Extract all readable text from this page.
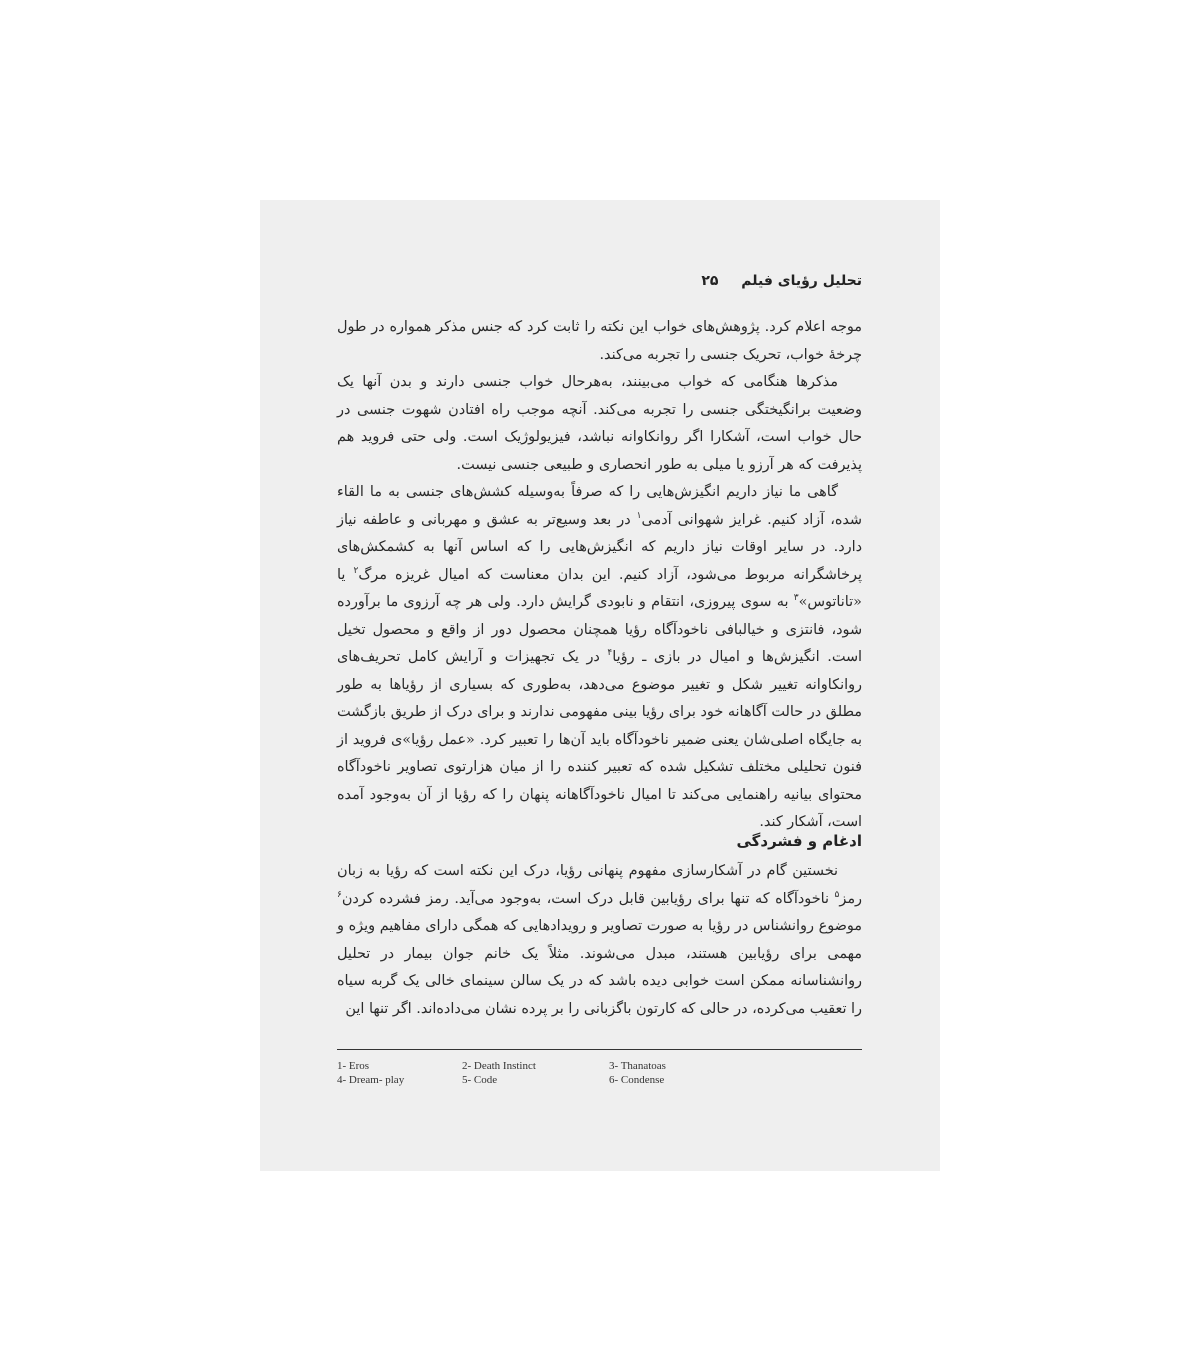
تحلیل رؤیای فیلم ۲۵

موجه اعلام کرد. پژوهش‌های خواب این نکته را ثابت کرد که جنس مذکر همواره در طول چرخهٔ خواب، تحریک جنسی را تجربه می‌کند.

مذکرها هنگامی که خواب می‌بینند، به‌هرحال خواب جنسی دارند و بدن آنها یک وضعیت برانگیختگی جنسی را تجربه می‌کند. آنچه موجب راه افتادن شهوت جنسی در حال خواب است، آشکارا اگر روانکاوانه نباشد، فیزیولوژیک است. ولی حتی فروید هم پذیرفت که هر آرزو یا میلی به طور انحصاری و طبیعی جنسی نیست.

گاهی ما نیاز داریم انگیزش‌هایی را که صرفاً به‌وسیله کشش‌های جنسی به ما القاء شده، آزاد کنیم. غرایز شهوانی آدمی$^۱$ در بعد وسیع‌تر به عشق و مهربانی و عاطفه نیاز دارد. در سایر اوقات نیاز داریم که انگیزش‌هایی را که اساس آنها به کشمکش‌های پرخاشگرانه مربوط می‌شود، آزاد کنیم. این بدان معناست که امیال غریزه مرگ$^۲$ یا «تاناتوس»$^۳$ به سوی پیروزی، انتقام و نابودی گرایش دارد. ولی هر چه آرزوی ما برآورده شود، فانتزی و خیالبافی ناخودآگاه رؤیا همچنان محصول دور از واقع و محصول تخیل است. انگیزش‌ها و امیال در بازی ـ رؤیا$^۴$ در یک تجهیزات و آرایش کامل تحریف‌های روانکاوانه تغییر شکل و تغییر موضوع می‌دهد، به‌طوری که بسیاری از رؤیاها به طور مطلق در حالت آگاهانه خود برای رؤیا بینی مفهومی ندارند و برای درک از طریق بازگشت به جایگاه اصلی‌شان یعنی ضمیر ناخودآگاه باید آن‌ها را تعبیر کرد. «عمل رؤیا»ی فروید از فنون تحلیلی مختلف تشکیل شده که تعبیر کننده را از میان هزارتوی تصاویر ناخودآگاه محتوای بیانیه راهنمایی می‌کند تا امیال ناخودآگاهانه پنهان را که رؤیا از آن به‌وجود آمده است، آشکار کند.

ادغام و فشردگی

نخستین گام در آشکارسازی مفهوم پنهانی رؤیا، درک این نکته است که رؤیا به زبان رمز$^۵$ ناخودآگاه که تنها برای رؤیابین قابل درک است، به‌وجود می‌آید. رمز فشرده کردن$^۶$ موضوع روانشناس در رؤیا به صورت تصاویر و رویدادهایی که همگی دارای مفاهیم ویژه و مهمی برای رؤیابین هستند، مبدل می‌شوند. مثلاً یک خانم جوان بیمار در تحلیل روانشناسانه ممکن است خوابی دیده باشد که در یک سالن سینمای خالی یک گربه سیاه را تعقیب می‌کرده، در حالی که کارتون باگزبانی را بر پرده نشان می‌داده‌اند. اگر تنها این

1- Eros	2- Death Instinct	3- Thanatoas
4- Dream- play	5- Code	6- Condense
